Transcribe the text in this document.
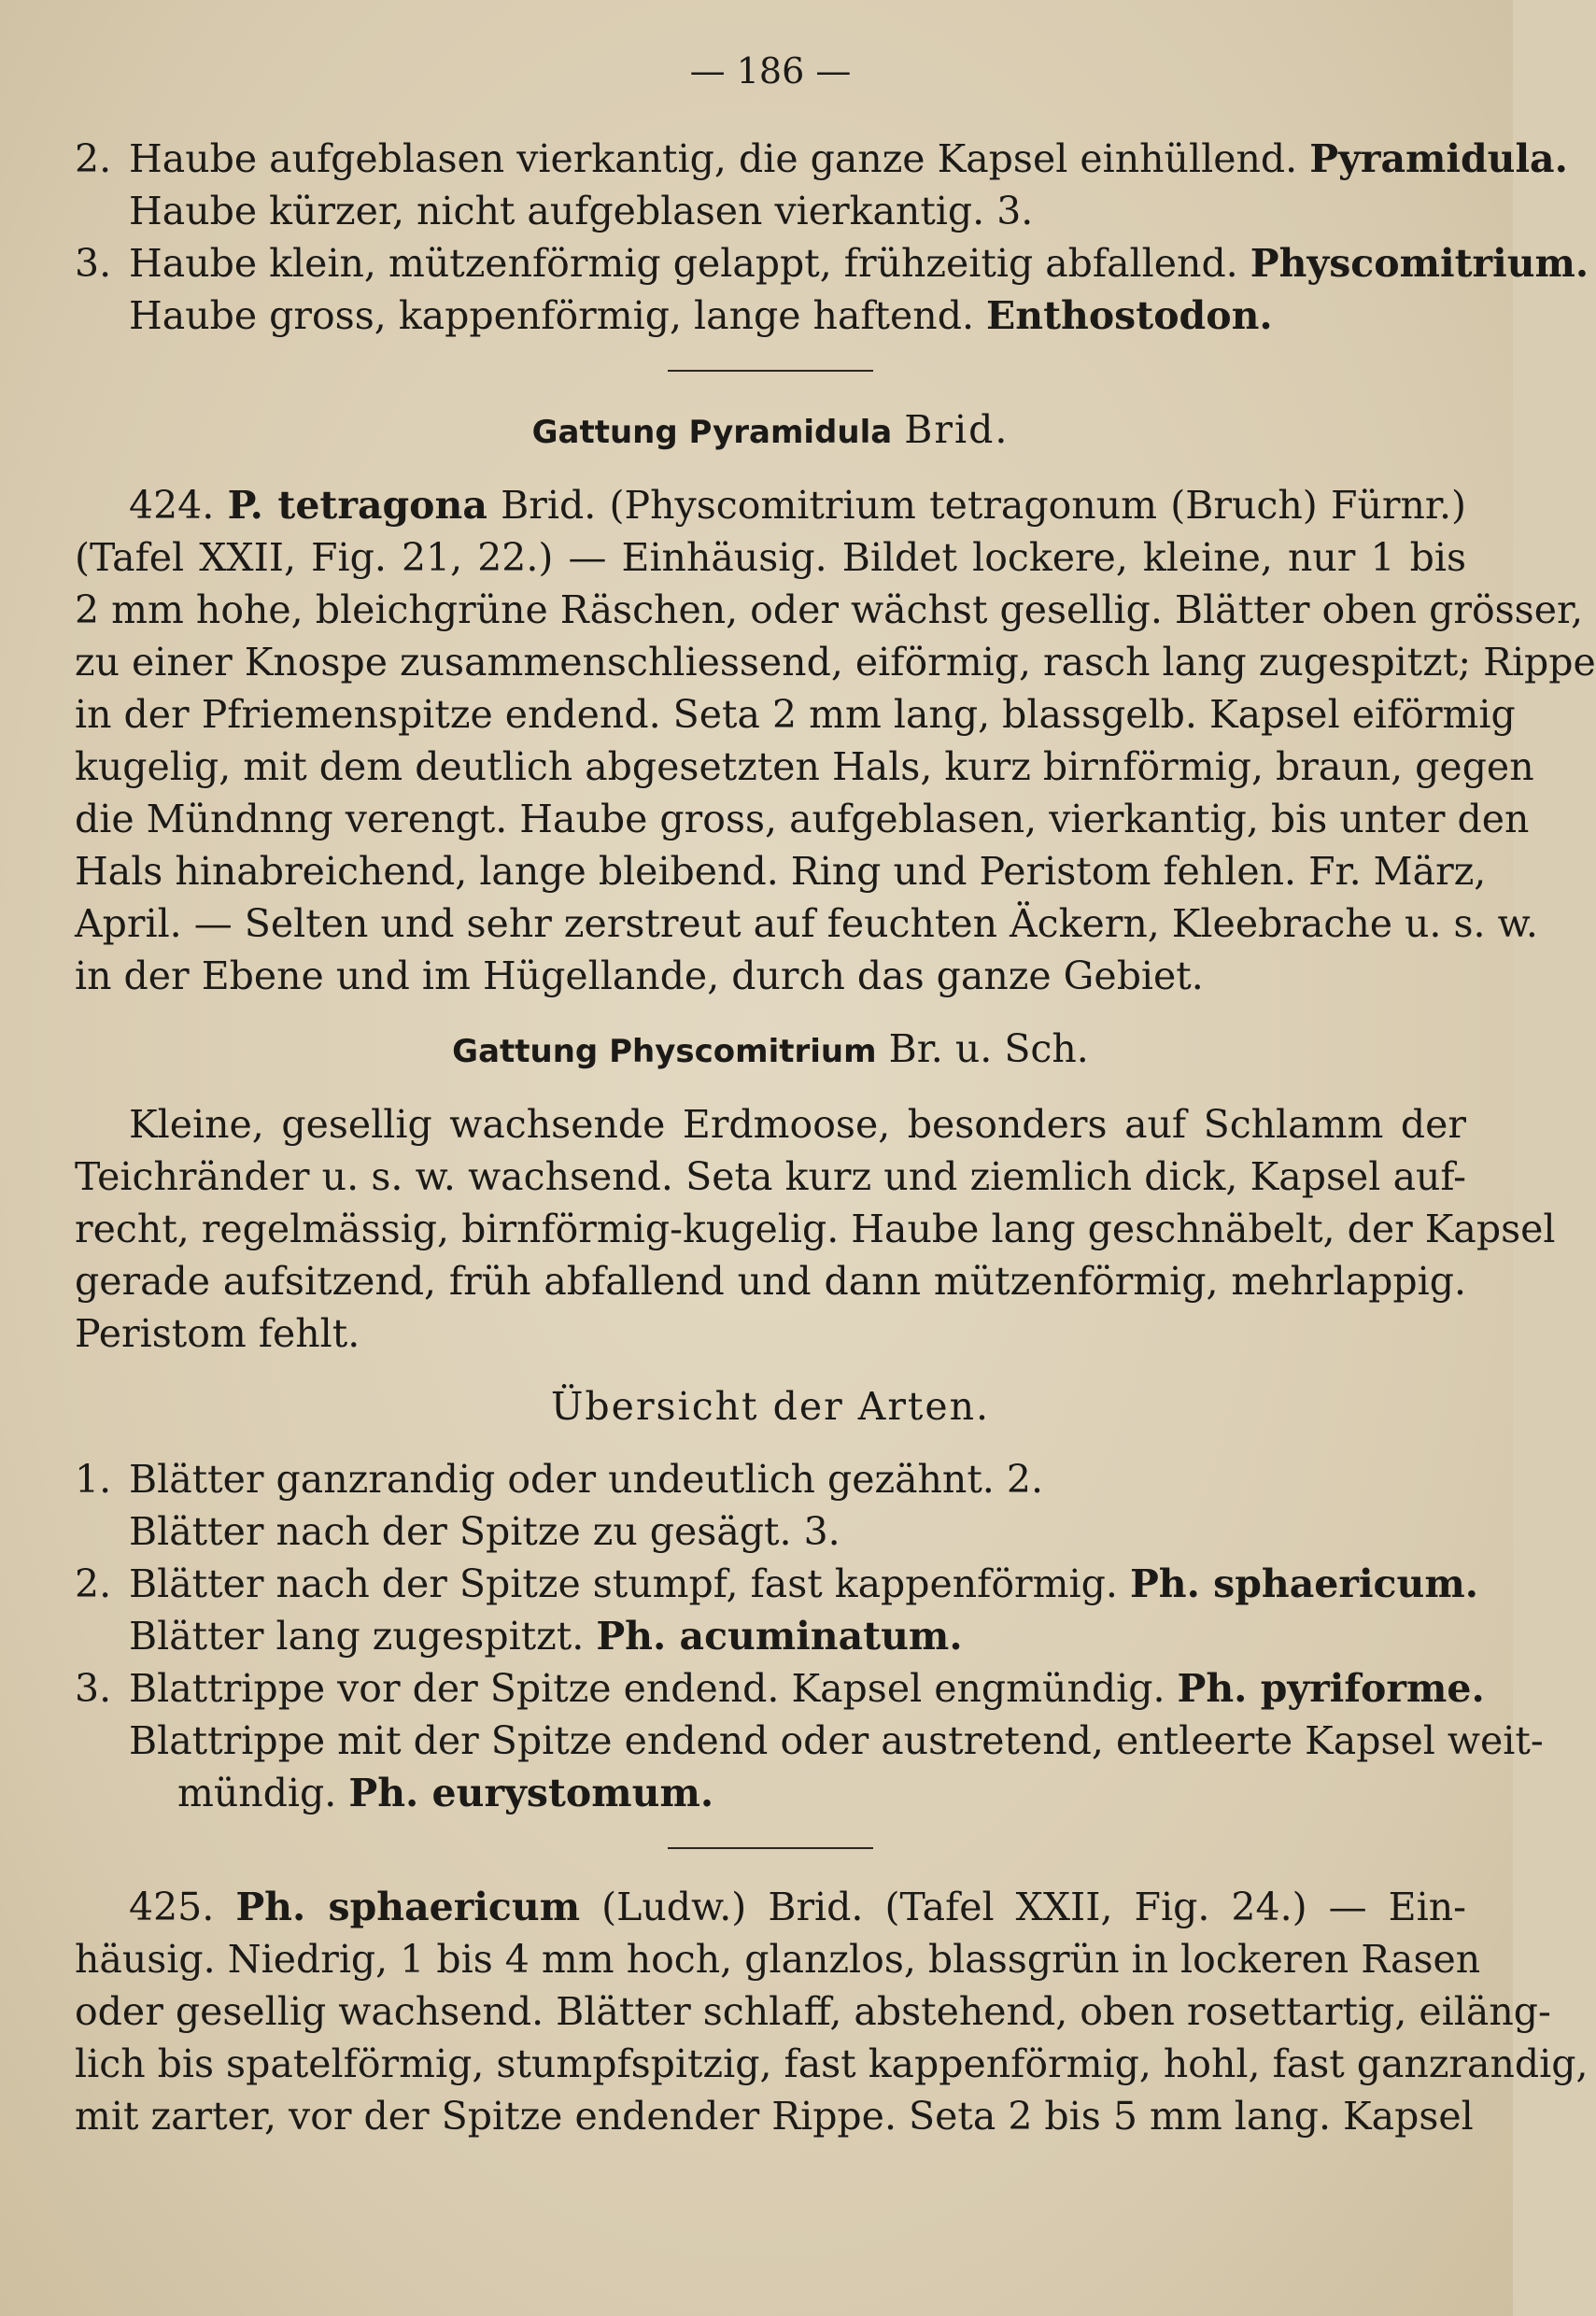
— 186 —
2. Haube aufgeblasen vierkantig, die ganze Kapsel einhüllend. Pyramidula.
Haube kürzer, nicht aufgeblasen vierkantig. 3.
3. Haube klein, mützenförmig gelappt, frühzeitig abfallend. Physcomitrium.
Haube gross, kappenförmig, lange haftend. Enthostodon.
Gattung Pyramidula Brid.
424. P. tetragona Brid. (Physcomitrium tetragonum (Bruch) Fürnr.)
(Tafel XXII, Fig. 21, 22.) — Einhäusig. Bildet lockere, kleine, nur 1 bis
2 mm hohe, bleichgrüne Räschen, oder wächst gesellig. Blätter oben grösser,
zu einer Knospe zusammenschliessend, eiförmig, rasch lang zugespitzt; Rippe
in der Pfriemenspitze endend. Seta 2 mm lang, blassgelb. Kapsel eiförmig
kugelig, mit dem deutlich abgesetzten Hals, kurz birnförmig, braun, gegen
die Mündnng verengt. Haube gross, aufgeblasen, vierkantig, bis unter den
Hals hinabreichend, lange bleibend. Ring und Peristom fehlen. Fr. März,
April. — Selten und sehr zerstreut auf feuchten Äckern, Kleebrache u. s. w.
in der Ebene und im Hügellande, durch das ganze Gebiet.
Gattung Physcomitrium Br. u. Sch.
Kleine, gesellig wachsende Erdmoose, besonders auf Schlamm der
Teichränder u. s. w. wachsend. Seta kurz und ziemlich dick, Kapsel auf-
recht, regelmässig, birnförmig-kugelig. Haube lang geschnäbelt, der Kapsel
gerade aufsitzend, früh abfallend und dann mützenförmig, mehrlappig.
Peristom fehlt.
Übersicht der Arten.
1. Blätter ganzrandig oder undeutlich gezähnt. 2.
Blätter nach der Spitze zu gesägt. 3.
2. Blätter nach der Spitze stumpf, fast kappenförmig. Ph. sphaericum.
Blätter lang zugespitzt. Ph. acuminatum.
3. Blattrippe vor der Spitze endend. Kapsel engmündig. Ph. pyriforme.
Blattrippe mit der Spitze endend oder austretend, entleerte Kapsel weit-
mündig. Ph. eurystomum.
425. Ph. sphaericum (Ludw.) Brid. (Tafel XXII, Fig. 24.) — Ein-
häusig. Niedrig, 1 bis 4 mm hoch, glanzlos, blassgrün in lockeren Rasen
oder gesellig wachsend. Blätter schlaff, abstehend, oben rosettartig, eiläng-
lich bis spatelförmig, stumpfspitzig, fast kappenförmig, hohl, fast ganzrandig,
mit zarter, vor der Spitze endender Rippe. Seta 2 bis 5 mm lang. Kapsel
